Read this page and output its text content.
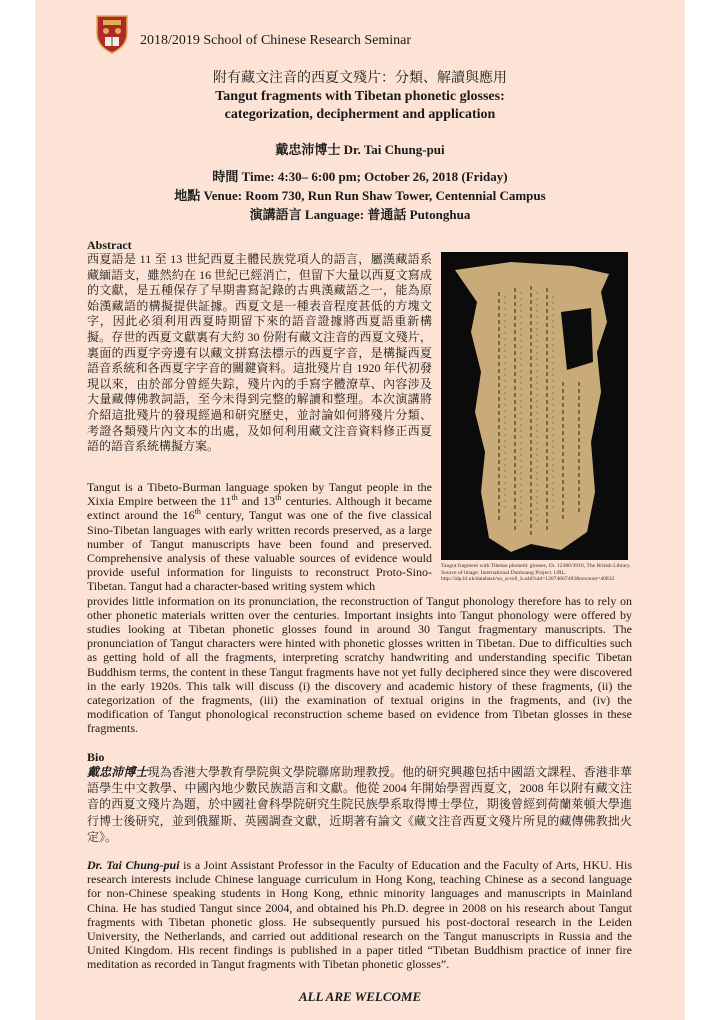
2018/2019 School of Chinese Research Seminar
附有藏文注音的西夏文殘片：分類、解讀與應用
Tangut fragments with Tibetan phonetic glosses:
categorization, decipherment and application
戴忠沛博士 Dr. Tai Chung-pui
時間 Time: 4:30– 6:00 pm; October 26, 2018 (Friday)
地點 Venue: Room 730, Run Run Shaw Tower, Centennial Campus
演講語言 Language: 普通話 Putonghua
Abstract
西夏語是 11 至 13 世紀西夏主體民族党項人的語言，屬漢藏語系藏緬語支，雖然約在 16 世紀已經消亡，但留下大量以西夏文寫成的文獻，是五種保存了早期書寫記錄的古典漢藏語之一，能為原始漢藏語的構擬提供証據。西夏文是一種表音程度甚低的方塊文字，因此必須利用西夏時期留下來的語音證據將西夏語重新構擬。存世的西夏文獻裏有大約 30 份附有藏文注音的西夏文殘片，裏面的西夏字旁邊有以藏文拼寫法標示的西夏字音，是構擬西夏語音系統和各西夏字字音的關鍵資料。這批殘片自 1920 年代初發現以來，由於部分曾經失踪，殘片內的手寫字體潦草、內容涉及大量藏傳佛教詞語，至今未得到完整的解讀和整理。本次演講將介紹這批殘片的發現經過和研究歷史，並討論如何將殘片分類、考證各類殘片內文本的出處，及如何利用藏文注音資料修正西夏語的語音系統構擬方案。
Tangut fragment with Tibetan phonetic glosses, Or. 12380/3910, The British Library. Source of image: International Dunhuang Project. URL: http://idp.bl.uk/database/oo_scroll_h.a4d?uid=12074667483&recnum=40833
Tangut is a Tibeto-Burman language spoken by Tangut people in the Xixia Empire between the 11th and 13th centuries. Although it became extinct around the 16th century, Tangut was one of the five classical Sino-Tibetan languages with early written records preserved, as a large number of Tangut manuscripts have been found and preserved. Comprehensive analysis of these valuable sources of evidence would provide useful information for linguists to reconstruct Proto-Sino-Tibetan. Tangut had a character-based writing system which
provides little information on its pronunciation, the reconstruction of Tangut phonology therefore has to rely on other phonetic materials written over the centuries. Important insights into Tangut phonology were offered by studies looking at Tibetan phonetic glosses found in around 30 Tangut fragmentary manuscripts. The pronunciation of Tangut characters were hinted with phonetic glosses written in Tibetan. Due to difficulties such as getting hold of all the fragments, interpreting scratchy handwriting and understanding specific Tibetan Buddhism terms, the content in these Tangut fragments have not yet fully deciphered since they were discovered in the early 1920s. This talk will discuss (i) the discovery and academic history of these fragments, (ii) the categorization of the fragments, (iii) the examination of textual origins in the fragments, and (iv) the modification of Tangut phonological reconstruction scheme based on evidence from Tibetan glosses in these fragments.
Bio
戴忠沛博士現為香港大學教育學院與文學院聯席助理教授。他的研究興趣包括中國語文課程、香港非華語學生中文教學、中國內地少數民族語言和文獻。他從 2004 年開始學習西夏文，2008 年以附有藏文注音的西夏文殘片為題，於中國社會科學院研究生院民族學系取得博士學位，期後曾經到荷蘭萊頓大學進行博士後研究，並到俄羅斯、英國調查文獻，近期著有論文《藏文注音西夏文殘片所見的藏傳佛教拙火定》。
Dr. Tai Chung-pui is a Joint Assistant Professor in the Faculty of Education and the Faculty of Arts, HKU. His research interests include Chinese language curriculum in Hong Kong, teaching Chinese as a second language for non-Chinese speaking students in Hong Kong, ethnic minority languages and manuscripts in Mainland China. He has studied Tangut since 2004, and obtained his Ph.D. degree in 2008 on his research about Tangut fragments with Tibetan phonetic gloss. He subsequently pursued his post-doctoral research in the Leiden University, the Netherlands, and carried out additional research on the Tangut manuscripts in Russia and the United Kingdom. His recent findings is published in a paper titled “Tibetan Buddhism practice of inner fire meditation as recorded in Tangut fragments with Tibetan phonetic glosses”.
ALL ARE WELCOME
